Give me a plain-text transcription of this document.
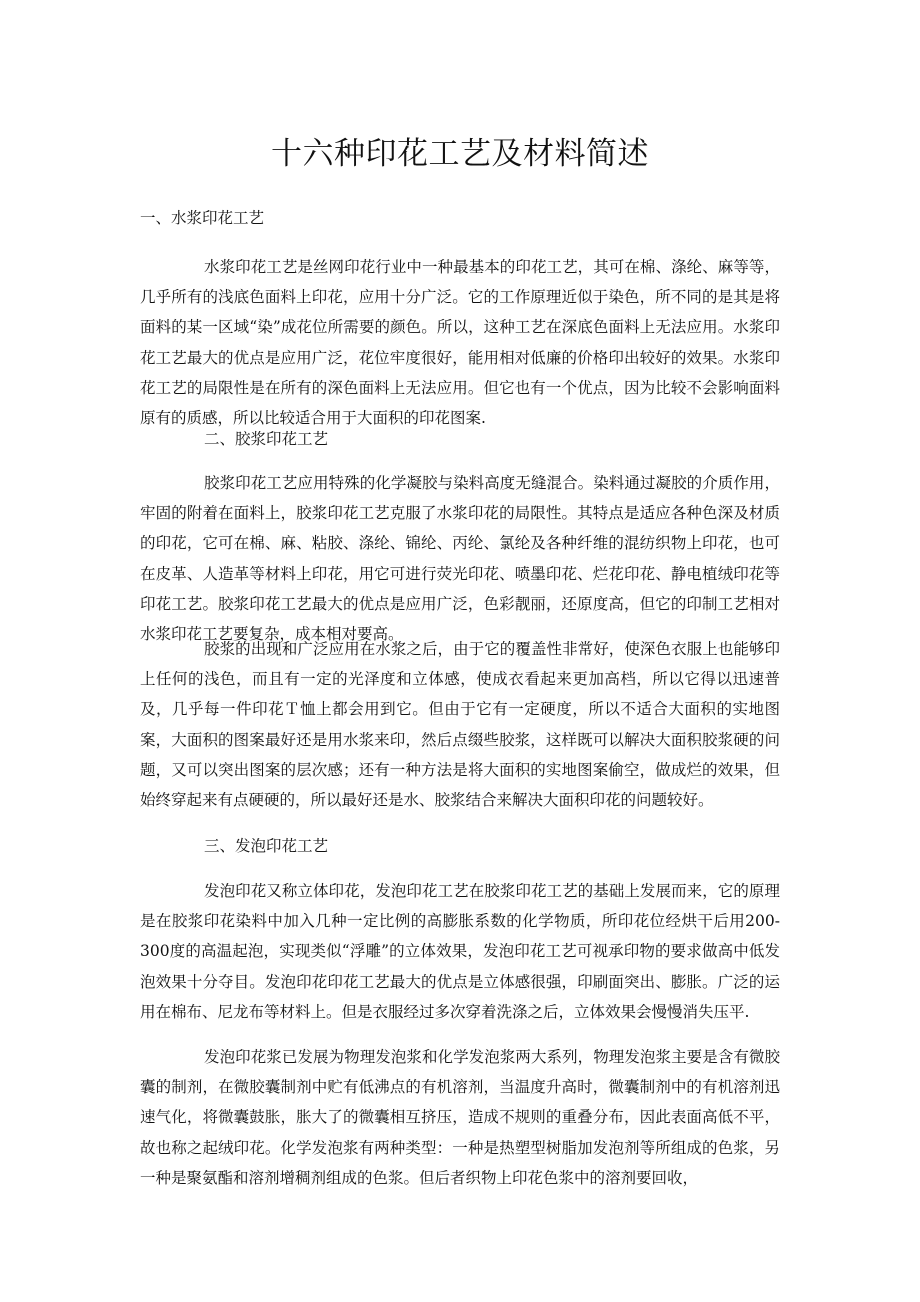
十六种印花工艺及材料简述
一、水浆印花工艺

水浆印花工艺是丝网印花行业中一种最基本的印花工艺，其可在棉、涤纶、麻等等，几乎所有的浅底色面料上印花，应用十分广泛。它的工作原理近似于染色，所不同的是其是将面料的某一区域“染”成花位所需要的颜色。所以，这种工艺在深底色面料上无法应用。水浆印花工艺最大的优点是应用广泛，花位牢度很好，能用相对低廉的价格印出较好的效果。水浆印花工艺的局限性是在所有的深色面料上无法应用。但它也有一个优点，因为比较不会影响面料原有的质感，所以比较适合用于大面积的印花图案.

二、胶浆印花工艺

胶浆印花工艺应用特殊的化学凝胶与染料高度无缝混合。染料通过凝胶的介质作用，牢固的附着在面料上，胶浆印花工艺克服了水浆印花的局限性。其特点是适应各种色深及材质的印花，它可在棉、麻、粘胶、涤纶、锦纶、丙纶、氯纶及各种纤维的混纺织物上印花，也可在皮革、人造革等材料上印花，用它可进行荧光印花、喷墨印花、烂花印花、静电植绒印花等印花工艺。胶浆印花工艺最大的优点是应用广泛，色彩靓丽，还原度高，但它的印制工艺相对水浆印花工艺要复杂，成本相对要高。

胶浆的出现和广泛应用在水浆之后，由于它的覆盖性非常好，使深色衣服上也能够印上任何的浅色，而且有一定的光泽度和立体感，使成衣看起来更加高档，所以它得以迅速普及，几乎每一件印花Ｔ恤上都会用到它。但由于它有一定硬度，所以不适合大面积的实地图案，大面积的图案最好还是用水浆来印，然后点缀些胶浆，这样既可以解决大面积胶浆硬的问题，又可以突出图案的层次感；还有一种方法是将大面积的实地图案偷空，做成烂的效果，但始终穿起来有点硬硬的，所以最好还是水、胶浆结合来解决大面积印花的问题较好。

三、发泡印花工艺

发泡印花又称立体印花，发泡印花工艺在胶浆印花工艺的基础上发展而来，它的原理是在胶浆印花染料中加入几种一定比例的高膨胀系数的化学物质，所印花位经烘干后用200-300度的高温起泡，实现类似“浮雕”的立体效果，发泡印花工艺可视承印物的要求做高中低发泡效果十分夺目。发泡印花印花工艺最大的优点是立体感很强，印刷面突出、膨胀。广泛的运用在棉布、尼龙布等材料上。但是衣服经过多次穿着洗涤之后，立体效果会慢慢消失压平.

发泡印花浆已发展为物理发泡浆和化学发泡浆两大系列，物理发泡浆主要是含有微胶囊的制剂，在微胶囊制剂中贮有低沸点的有机溶剂，当温度升高时，微囊制剂中的有机溶剂迅速气化，将微囊鼓胀，胀大了的微囊相互挤压，造成不规则的重叠分布，因此表面高低不平，故也称之起绒印花。化学发泡浆有两种类型：一种是热塑型树脂加发泡剂等所组成的色浆，另一种是聚氨酯和溶剂增稠剂组成的色浆。但后者织物上印花色浆中的溶剂要回收，
